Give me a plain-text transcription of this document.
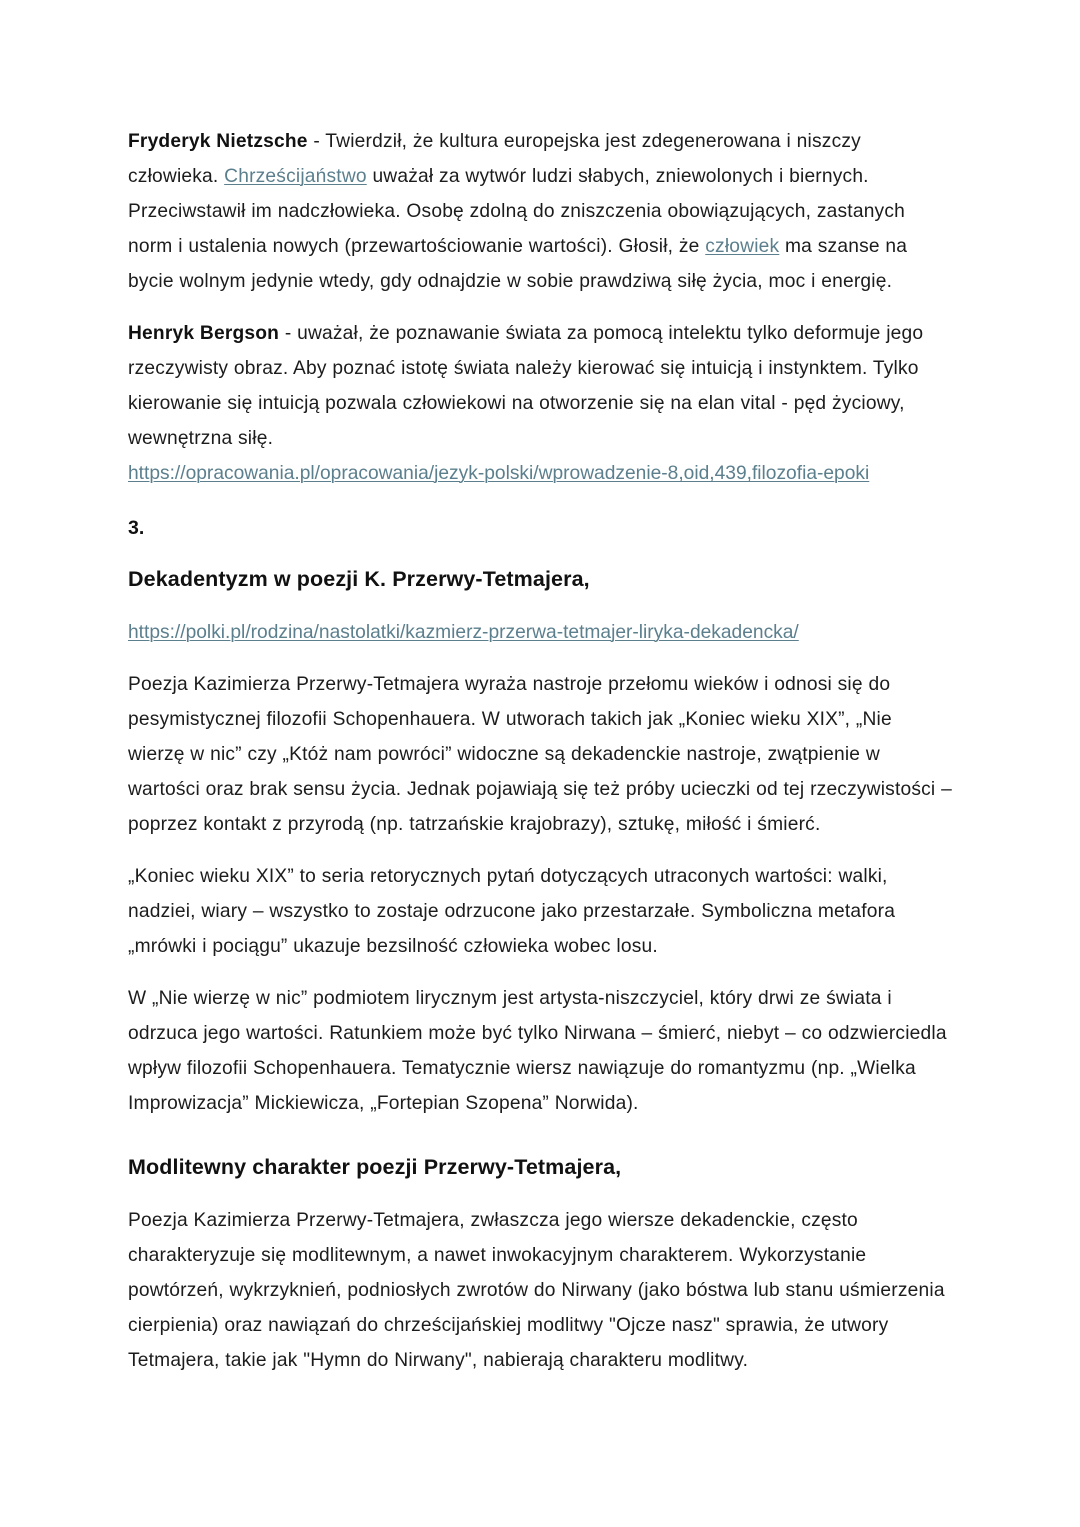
Fryderyk Nietzsche - Twierdził, że kultura europejska jest zdegenerowana i niszczy człowieka. Chrześcijaństwo uważał za wytwór ludzi słabych, zniewolonych i biernych. Przeciwstawił im nadczłowieka. Osobę zdolną do zniszczenia obowiązujących, zastanych norm i ustalenia nowych (przewartościowanie wartości). Głosił, że człowiek ma szanse na bycie wolnym jedynie wtedy, gdy odnajdzie w sobie prawdziwą siłę życia, moc i energię.

Henryk Bergson - uważał, że poznawanie świata za pomocą intelektu tylko deformuje jego rzeczywisty obraz. Aby poznać istotę świata należy kierować się intuicją i instynktem. Tylko kierowanie się intuicją pozwala człowiekowi na otworzenie się na elan vital - pęd życiowy, wewnętrzna siłę.

https://opracowania.pl/opracowania/jezyk-polski/wprowadzenie-8,oid,439,filozofia-epoki

3.
Dekadentyzm w poezji K. Przerwy-Tetmajera,

https://polki.pl/rodzina/nastolatki/kazmierz-przerwa-tetmajer-liryka-dekadencka/

Poezja Kazimierza Przerwy-Tetmajera wyraża nastroje przełomu wieków i odnosi się do pesymistycznej filozofii Schopenhauera. W utworach takich jak „Koniec wieku XIX”, „Nie wierzę w nic” czy „Któż nam powróci” widoczne są dekadenckie nastroje, zwątpienie w wartości oraz brak sensu życia. Jednak pojawiają się też próby ucieczki od tej rzeczywistości – poprzez kontakt z przyrodą (np. tatrzańskie krajobrazy), sztukę, miłość i śmierć.

„Koniec wieku XIX” to seria retorycznych pytań dotyczących utraconych wartości: walki, nadziei, wiary – wszystko to zostaje odrzucone jako przestarzałe. Symboliczna metafora „mrówki i pociągu” ukazuje bezsilność człowieka wobec losu.

W „Nie wierzę w nic” podmiotem lirycznym jest artysta-niszczyciel, który drwi ze świata i odrzuca jego wartości. Ratunkiem może być tylko Nirwana – śmierć, niebyt – co odzwierciedla wpływ filozofii Schopenhauera. Tematycznie wiersz nawiązuje do romantyzmu (np. „Wielka Improwizacja” Mickiewicza, „Fortepian Szopena” Norwida).

Modlitewny charakter poezji Przerwy-Tetmajera,

Poezja Kazimierza Przerwy-Tetmajera, zwłaszcza jego wiersze dekadenckie, często charakteryzuje się modlitewnym, a nawet inwokacyjnym charakterem. Wykorzystanie powtórzeń, wykrzyknień, podniosłych zwrotów do Nirwany (jako bóstwa lub stanu uśmierzenia cierpienia) oraz nawiązań do chrześcijańskiej modlitwy "Ojcze nasz" sprawia, że utwory Tetmajera, takie jak "Hymn do Nirwany", nabierają charakteru modlitwy.
